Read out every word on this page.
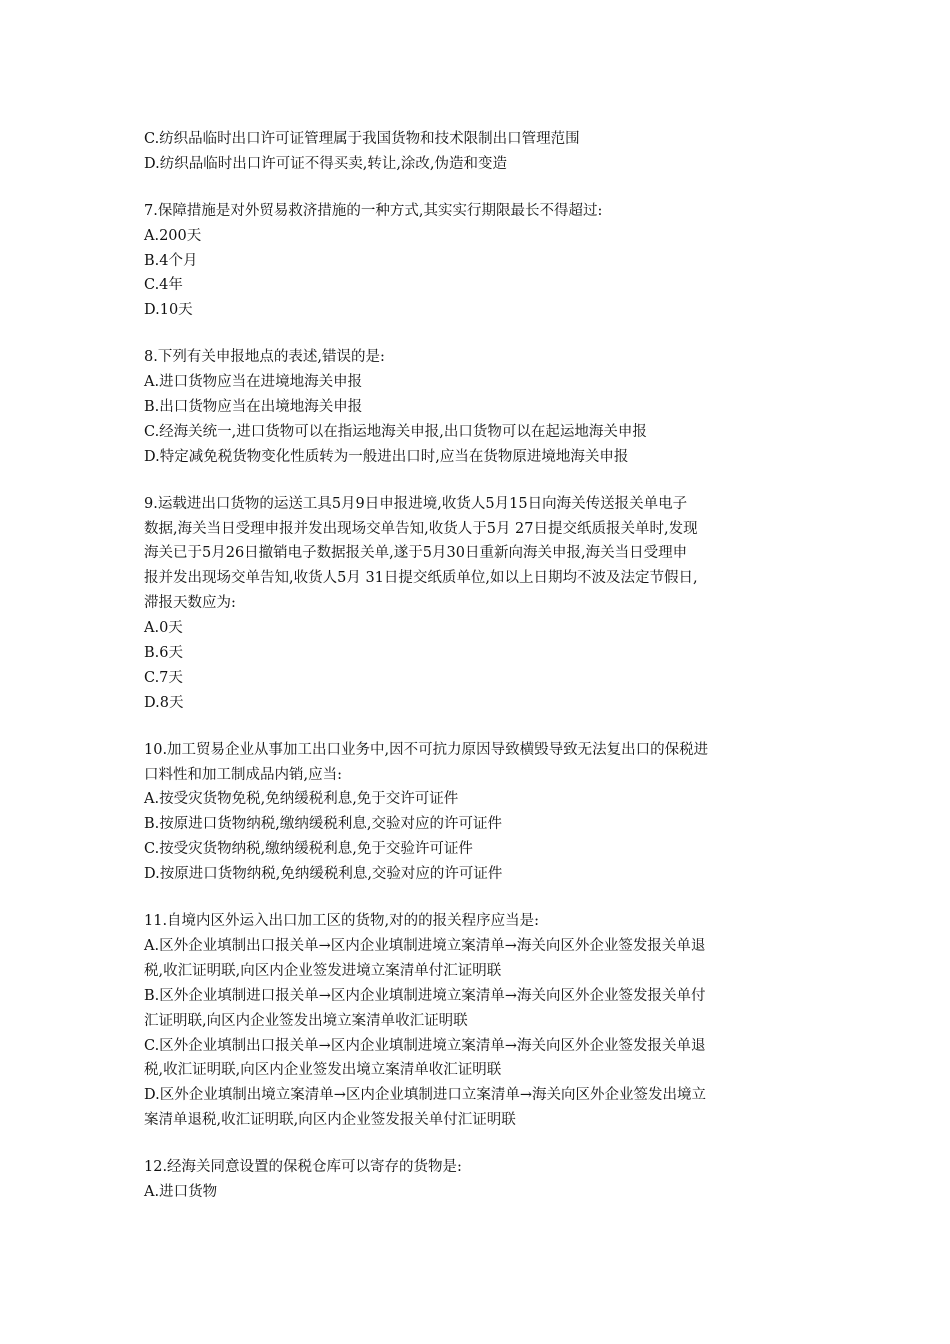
C.纺织品临时出口许可证管理属于我国货物和技术限制出口管理范围
D.纺织品临时出口许可证不得买卖,转让,涂改,伪造和变造
7.保障措施是对外贸易救济措施的一种方式,其实实行期限最长不得超过:
A.200天
B.4个月
C.4年
D.10天
8.下列有关申报地点的表述,错误的是:
A.进口货物应当在进境地海关申报
B.出口货物应当在出境地海关申报
C.经海关统一,进口货物可以在指运地海关申报,出口货物可以在起运地海关申报
D.特定减免税货物变化性质转为一般进出口时,应当在货物原进境地海关申报
9.运载进出口货物的运送工具5月9日申报进境,收货人5月15日向海关传送报关单电子
数据,海关当日受理申报并发出现场交单告知,收货人于5月 27日提交纸质报关单时,发现
海关已于5月26日撤销电子数据报关单,遂于5月30日重新向海关申报,海关当日受理申
报并发出现场交单告知,收货人5月 31日提交纸质单位,如以上日期均不波及法定节假日,
滞报天数应为:
A.0天
B.6天
C.7天
D.8天
10.加工贸易企业从事加工出口业务中,因不可抗力原因导致横毁导致无法复出口的保税进
口料性和加工制成品内销,应当:
A.按受灾货物免税,免纳缓税利息,免于交许可证件
B.按原进口货物纳税,缴纳缓税利息,交验对应的许可证件
C.按受灾货物纳税,缴纳缓税利息,免于交验许可证件
D.按原进口货物纳税,免纳缓税利息,交验对应的许可证件
11.自境内区外运入出口加工区的货物,对的的报关程序应当是:
A.区外企业填制出口报关单→区内企业填制进境立案清单→海关向区外企业签发报关单退
税,收汇证明联,向区内企业签发进境立案清单付汇证明联
B.区外企业填制进口报关单→区内企业填制进境立案清单→海关向区外企业签发报关单付
汇证明联,向区内企业签发出境立案清单收汇证明联
C.区外企业填制出口报关单→区内企业填制进境立案清单→海关向区外企业签发报关单退
税,收汇证明联,向区内企业签发出境立案清单收汇证明联
D.区外企业填制出境立案清单→区内企业填制进口立案清单→海关向区外企业签发出境立
案清单退税,收汇证明联,向区内企业签发报关单付汇证明联
12.经海关同意设置的保税仓库可以寄存的货物是:
A.进口货物
